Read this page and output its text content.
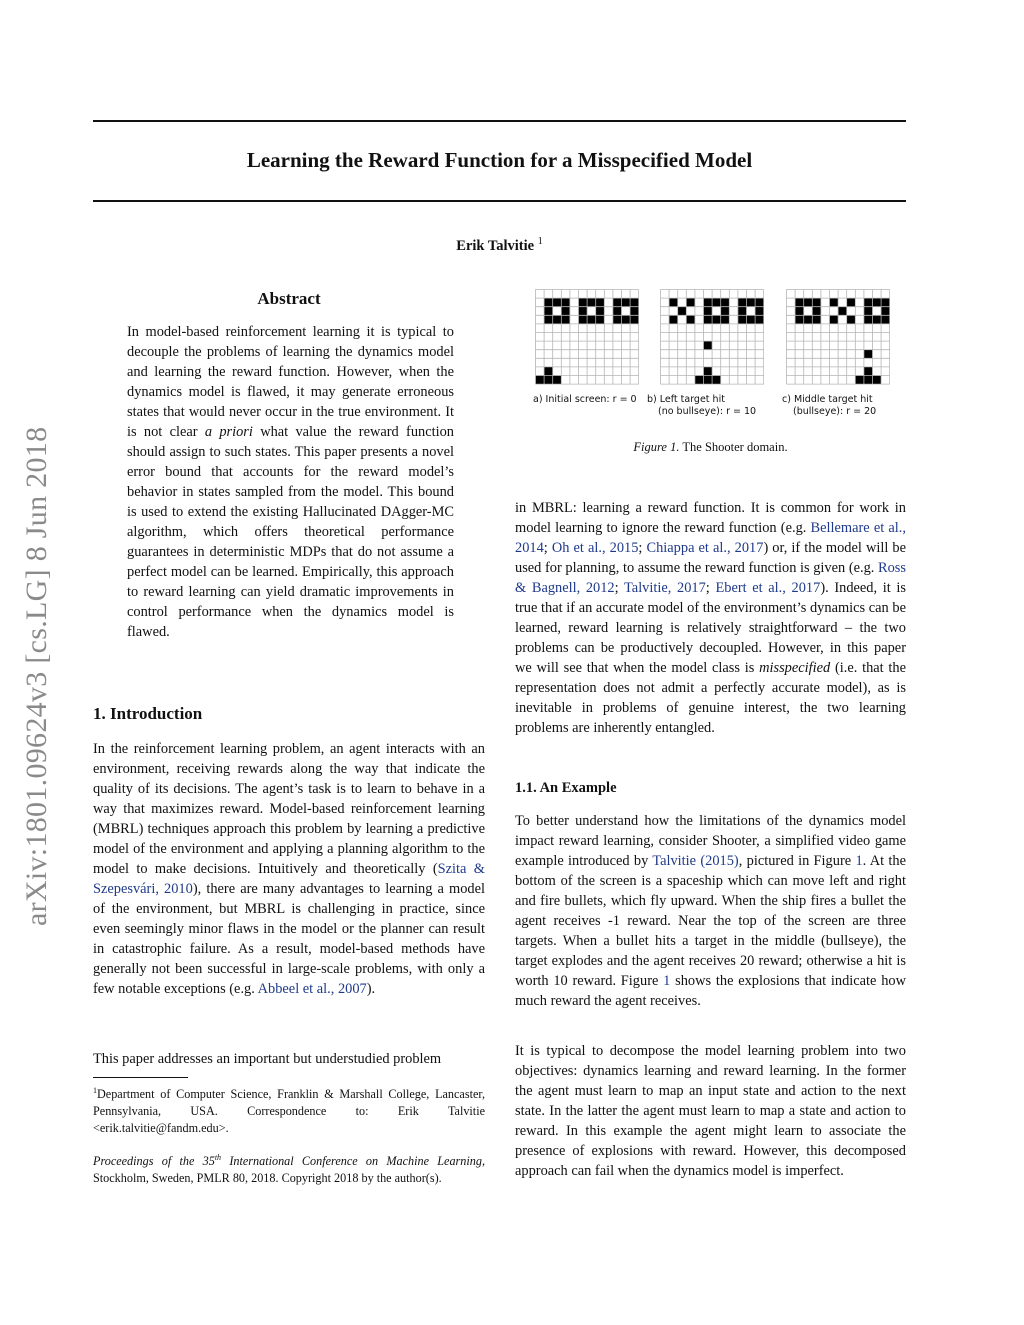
Learning the Reward Function for a Misspecified Model
Erik Talvitie $^1$
arXiv:1801.09624v3 [cs.LG] 8 Jun 2018
Abstract

In model-based reinforcement learning it is typical to decouple the problems of learning the dynamics model and learning the reward function. However, when the dynamics model is flawed, it may generate erroneous states that would never occur in the true environment. It is not clear a priori what value the reward function should assign to such states. This paper presents a novel error bound that accounts for the reward model’s behavior in states sampled from the model. This bound is used to extend the existing Hallucinated DAgger-MC algorithm, which offers theoretical performance guarantees in deterministic MDPs that do not assume a perfect model can be learned. Empirically, this approach to reward learning can yield dramatic improvements in control performance when the dynamics model is flawed.

1. Introduction

In the reinforcement learning problem, an agent interacts with an environment, receiving rewards along the way that indicate the quality of its decisions. The agent’s task is to learn to behave in a way that maximizes reward. Model-based reinforcement learning (MBRL) techniques approach this problem by learning a predictive model of the environment and applying a planning algorithm to the model to make decisions. Intuitively and theoretically (Szita & Szepesvári, 2010), there are many advantages to learning a model of the environment, but MBRL is challenging in practice, since even seemingly minor flaws in the model or the planner can result in catastrophic failure. As a result, model-based methods have generally not been successful in large-scale problems, with only a few notable exceptions (e.g. Abbeel et al., 2007).

This paper addresses an important but understudied problem

$^1$Department of Computer Science, Franklin & Marshall College, Lancaster, Pennsylvania, USA. Correspondence to: Erik Talvitie <erik.talvitie@fandm.edu>.

Proceedings of the 35th International Conference on Machine Learning, Stockholm, Sweden, PMLR 80, 2018. Copyright 2018 by the author(s).

a) Initial screen: r = 0 b) Left target hit
(no bullseye): r = 10
c) Middle target hit
(bullseye): r = 20
Figure 1. The Shooter domain.

in MBRL: learning a reward function. It is common for work in model learning to ignore the reward function (e.g. Bellemare et al., 2014; Oh et al., 2015; Chiappa et al., 2017) or, if the model will be used for planning, to assume the reward function is given (e.g. Ross & Bagnell, 2012; Talvitie, 2017; Ebert et al., 2017). Indeed, it is true that if an accurate model of the environment’s dynamics can be learned, reward learning is relatively straightforward – the two problems can be productively decoupled. However, in this paper we will see that when the model class is misspecified (i.e. that the representation does not admit a perfectly accurate model), as is inevitable in problems of genuine interest, the two learning problems are inherently entangled.

1.1. An Example

To better understand how the limitations of the dynamics model impact reward learning, consider Shooter, a simplified video game example introduced by Talvitie (2015), pictured in Figure 1. At the bottom of the screen is a spaceship which can move left and right and fire bullets, which fly upward. When the ship fires a bullet the agent receives -1 reward. Near the top of the screen are three targets. When a bullet hits a target in the middle (bullseye), the target explodes and the agent receives 20 reward; otherwise a hit is worth 10 reward. Figure 1 shows the explosions that indicate how much reward the agent receives.

It is typical to decompose the model learning problem into two objectives: dynamics learning and reward learning. In the former the agent must learn to map an input state and action to the next state. In the latter the agent must learn to map a state and action to reward. In this example the agent might learn to associate the presence of explosions with reward. However, this decomposed approach can fail when the dynamics model is imperfect.
